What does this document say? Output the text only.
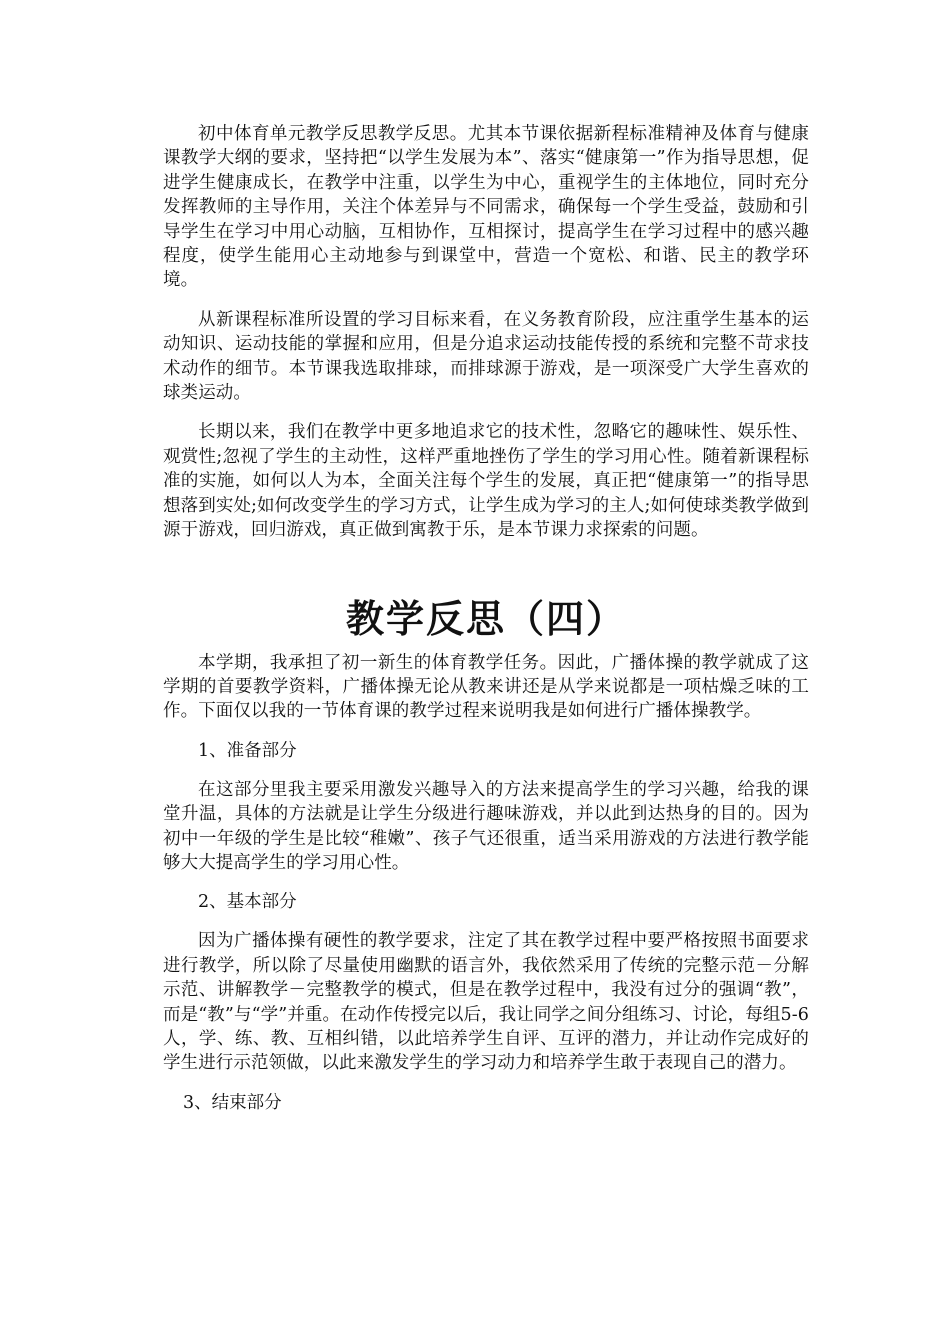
初中体育单元教学反思教学反思。尤其本节课依据新程标准精神及体育与健康课教学大纲的要求，坚持把“以学生发展为本”、落实“健康第一”作为指导思想，促进学生健康成长，在教学中注重，以学生为中心，重视学生的主体地位，同时充分发挥教师的主导作用，关注个体差异与不同需求，确保每一个学生受益，鼓励和引导学生在学习中用心动脑，互相协作，互相探讨，提高学生在学习过程中的感兴趣程度，使学生能用心主动地参与到课堂中，营造一个宽松、和谐、民主的教学环境。

从新课程标准所设置的学习目标来看，在义务教育阶段，应注重学生基本的运动知识、运动技能的掌握和应用，但是分追求运动技能传授的系统和完整不苛求技术动作的细节。本节课我选取排球，而排球源于游戏，是一项深受广大学生喜欢的球类运动。

长期以来，我们在教学中更多地追求它的技术性，忽略它的趣味性、娱乐性、观赏性;忽视了学生的主动性，这样严重地挫伤了学生的学习用心性。随着新课程标准的实施，如何以人为本，全面关注每个学生的发展，真正把“健康第一”的指导思想落到实处;如何改变学生的学习方式，让学生成为学习的主人;如何使球类教学做到源于游戏，回归游戏，真正做到寓教于乐，是本节课力求探索的问题。

教学反思（四）

本学期，我承担了初一新生的体育教学任务。因此，广播体操的教学就成了这学期的首要教学资料，广播体操无论从教来讲还是从学来说都是一项枯燥乏味的工作。下面仅以我的一节体育课的教学过程来说明我是如何进行广播体操教学。

1、准备部分

在这部分里我主要采用激发兴趣导入的方法来提高学生的学习兴趣，给我的课堂升温，具体的方法就是让学生分级进行趣味游戏，并以此到达热身的目的。因为初中一年级的学生是比较“稚嫩”、孩子气还很重，适当采用游戏的方法进行教学能够大大提高学生的学习用心性。

2、基本部分

因为广播体操有硬性的教学要求，注定了其在教学过程中要严格按照书面要求进行教学，所以除了尽量使用幽默的语言外，我依然采用了传统的完整示范－分解示范、讲解教学－完整教学的模式，但是在教学过程中，我没有过分的强调“教”，而是“教”与“学”并重。在动作传授完以后，我让同学之间分组练习、讨论，每组5-6人，学、练、教、互相纠错，以此培养学生自评、互评的潜力，并让动作完成好的学生进行示范领做，以此来激发学生的学习动力和培养学生敢于表现自己的潜力。

3、结束部分
